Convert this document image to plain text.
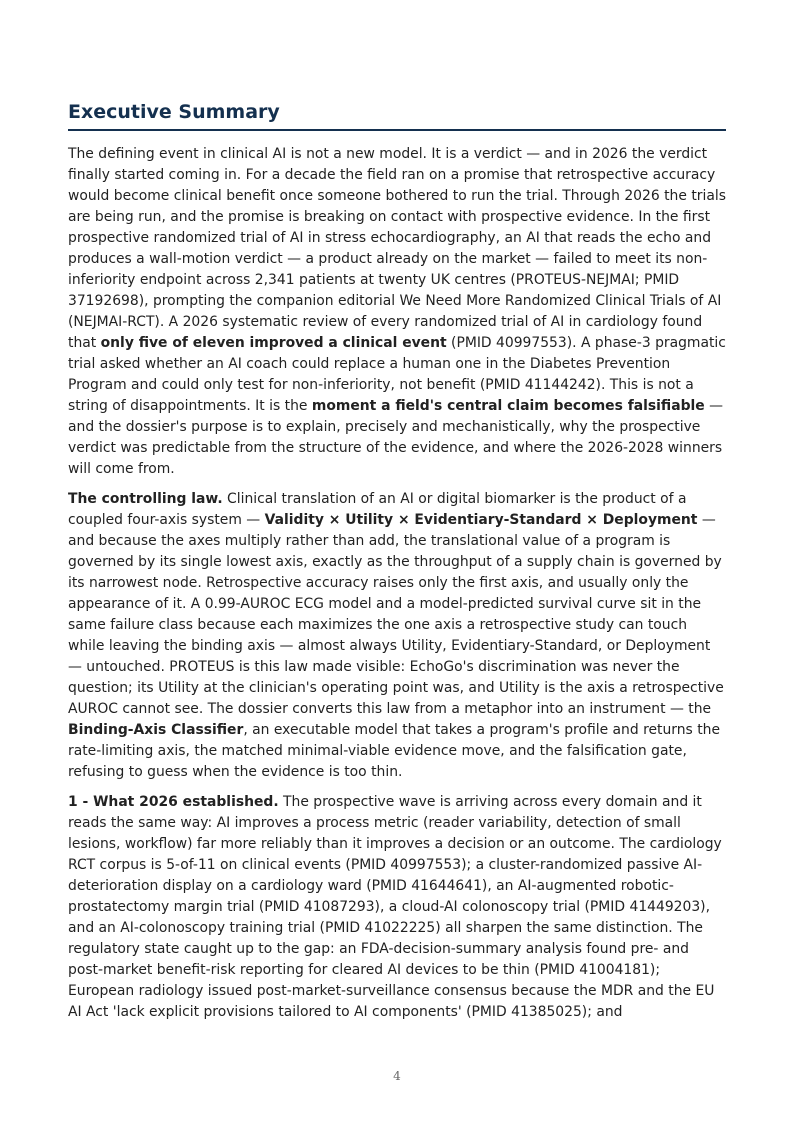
Executive Summary

The defining event in clinical AI is not a new model. It is a verdict — and in 2026 the verdict finally started coming in. For a decade the field ran on a promise that retrospective accuracy would become clinical benefit once someone bothered to run the trial. Through 2026 the trials are being run, and the promise is breaking on contact with prospective evidence. In the first prospective randomized trial of AI in stress echocardiography, an AI that reads the echo and produces a wall-motion verdict — a product already on the market — failed to meet its non-inferiority endpoint across 2,341 patients at twenty UK centres (PROTEUS-NEJMAI; PMID 37192698), prompting the companion editorial We Need More Randomized Clinical Trials of AI (NEJMAI-RCT). A 2026 systematic review of every randomized trial of AI in cardiology found that only five of eleven improved a clinical event (PMID 40997553). A phase-3 pragmatic trial asked whether an AI coach could replace a human one in the Diabetes Prevention Program and could only test for non-inferiority, not benefit (PMID 41144242). This is not a string of disappointments. It is the moment a field's central claim becomes falsifiable — and the dossier's purpose is to explain, precisely and mechanistically, why the prospective verdict was predictable from the structure of the evidence, and where the 2026-2028 winners will come from.

The controlling law. Clinical translation of an AI or digital biomarker is the product of a coupled four-axis system — Validity × Utility × Evidentiary-Standard × Deployment — and because the axes multiply rather than add, the translational value of a program is governed by its single lowest axis, exactly as the throughput of a supply chain is governed by its narrowest node. Retrospective accuracy raises only the first axis, and usually only the appearance of it. A 0.99-AUROC ECG model and a model-predicted survival curve sit in the same failure class because each maximizes the one axis a retrospective study can touch while leaving the binding axis — almost always Utility, Evidentiary-Standard, or Deployment — untouched. PROTEUS is this law made visible: EchoGo's discrimination was never the question; its Utility at the clinician's operating point was, and Utility is the axis a retrospective AUROC cannot see. The dossier converts this law from a metaphor into an instrument — the Binding-Axis Classifier, an executable model that takes a program's profile and returns the rate-limiting axis, the matched minimal-viable evidence move, and the falsification gate, refusing to guess when the evidence is too thin.

1 - What 2026 established. The prospective wave is arriving across every domain and it reads the same way: AI improves a process metric (reader variability, detection of small lesions, workflow) far more reliably than it improves a decision or an outcome. The cardiology RCT corpus is 5-of-11 on clinical events (PMID 40997553); a cluster-randomized passive AI-deterioration display on a cardiology ward (PMID 41644641), an AI-augmented robotic-prostatectomy margin trial (PMID 41087293), a cloud-AI colonoscopy trial (PMID 41449203), and an AI-colonoscopy training trial (PMID 41022225) all sharpen the same distinction. The regulatory state caught up to the gap: an FDA-decision-summary analysis found pre- and post-market benefit-risk reporting for cleared AI devices to be thin (PMID 41004181); European radiology issued post-market-surveillance consensus because the MDR and the EU AI Act 'lack explicit provisions tailored to AI components' (PMID 41385025); and

4
